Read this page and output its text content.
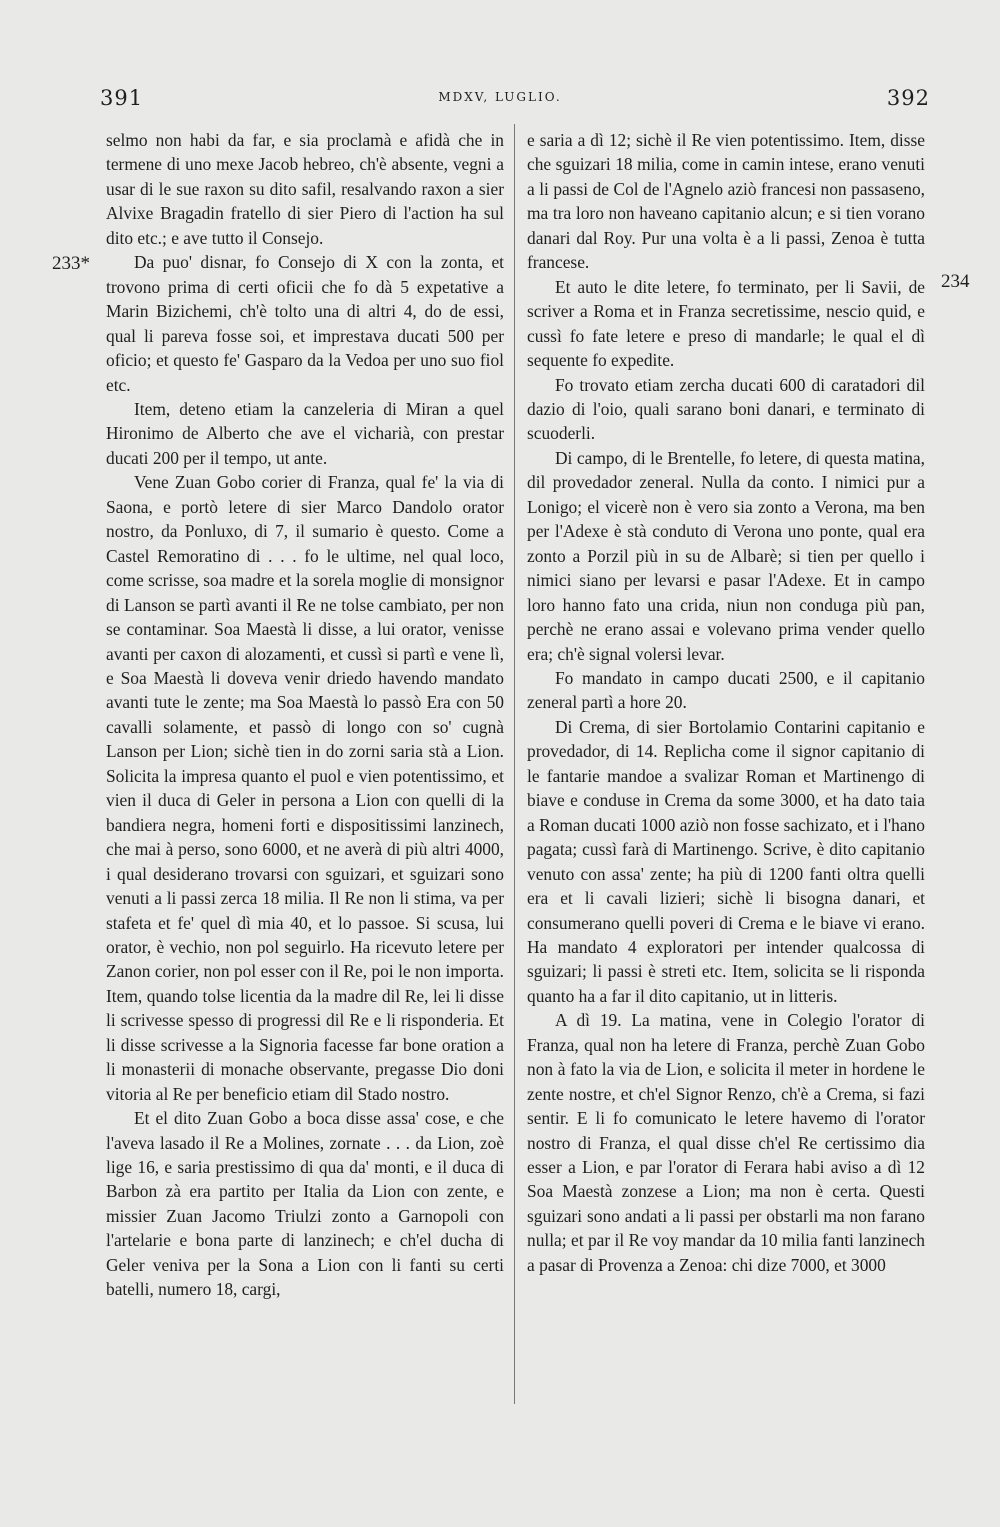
391	MDXV, LUGLIO.	392
233*
234

selmo non habi da far, e sia proclamà e afidà che in termene di uno mexe Jacob hebreo, ch'è absente, vegni a usar di le sue raxon su dito safil, resalvando raxon a sier Alvixe Bragadin fratello di sier Piero di l'action ha sul dito etc.; e ave tutto il Consejo.

Da puo' disnar, fo Consejo di X con la zonta, et trovono prima di certi oficii che fo dà 5 expetative a Marin Bizichemi, ch'è tolto una di altri 4, do de essi, qual li pareva fosse soi, et imprestava ducati 500 per oficio; et questo fe' Gasparo da la Vedoa per uno suo fiol etc.

Item, deteno etiam la canzeleria di Miran a quel Hironimo de Alberto che ave el vicharià, con prestar ducati 200 per il tempo, ut ante.

Vene Zuan Gobo corier di Franza, qual fe' la via di Saona, e portò letere di sier Marco Dandolo orator nostro, da Ponluxo, di 7, il sumario è questo. Come a Castel Remoratino di . . . fo le ultime, nel qual loco, come scrisse, soa madre et la sorela moglie di monsignor di Lanson se partì avanti il Re ne tolse cambiato, per non se contaminar. Soa Maestà li disse, a lui orator, venisse avanti per caxon di alozamenti, et cussì si partì e vene lì, e Soa Maestà li doveva venir driedo havendo mandato avanti tute le zente; ma Soa Maestà lo passò Era con 50 cavalli solamente, et passò di longo con so' cugnà Lanson per Lion; sichè tien in do zorni saria stà a Lion. Solicita la impresa quanto el puol e vien potentissimo, et vien il duca di Geler in persona a Lion con quelli di la bandiera negra, homeni forti e dispositissimi lanzinech, che mai à perso, sono 6000, et ne averà di più altri 4000, i qual desiderano trovarsi con sguizari, et sguizari sono venuti a li passi zerca 18 milia. Il Re non li stima, va per stafeta et fe' quel dì mia 40, et lo passoe. Si scusa, lui orator, è vechio, non pol seguirlo. Ha ricevuto letere per Zanon corier, non pol esser con il Re, poi le non importa. Item, quando tolse licentia da la madre dil Re, lei li disse li scrivesse spesso di progressi dil Re e li risponderia. Et li disse scrivesse a la Signoria facesse far bone oration a li monasterii di monache observante, pregasse Dio doni vitoria al Re per beneficio etiam dil Stado nostro.

Et el dito Zuan Gobo a boca disse assa' cose, e che l'aveva lasado il Re a Molines, zornate . . . da Lion, zoè lige 16, e saria prestissimo di qua da' monti, e il duca di Barbon zà era partito per Italia da Lion con zente, e missier Zuan Jacomo Triulzi zonto a Garnopoli con l'artelarie e bona parte di lanzinech; e ch'el ducha di Geler veniva per la Sona a Lion con li fanti su certi batelli, numero 18, cargi,

e saria a dì 12; sichè il Re vien potentissimo. Item, disse che sguizari 18 milia, come in camin intese, erano venuti a li passi de Col de l'Agnelo aziò francesi non passaseno, ma tra loro non haveano capitanio alcun; e si tien vorano danari dal Roy. Pur una volta è a li passi, Zenoa è tutta francese.

Et auto le dite letere, fo terminato, per li Savii, de scriver a Roma et in Franza secretissime, nescio quid, e cussì fo fate letere e preso di mandarle; le qual el dì sequente fo expedite.

Fo trovato etiam zercha ducati 600 di caratadori dil dazio di l'oio, quali sarano boni danari, e terminato di scuoderli.

Di campo, di le Brentelle, fo letere, di questa matina, dil provedador zeneral. Nulla da conto. I nimici pur a Lonigo; el vicerè non è vero sia zonto a Verona, ma ben per l'Adexe è stà conduto di Verona uno ponte, qual era zonto a Porzil più in su de Albarè; si tien per quello i nimici siano per levarsi e pasar l'Adexe. Et in campo loro hanno fato una crida, niun non conduga più pan, perchè ne erano assai e volevano prima vender quello era; ch'è signal volersi levar.

Fo mandato in campo ducati 2500, e il capitanio zeneral partì a hore 20.

Di Crema, di sier Bortolamio Contarini capitanio e provedador, di 14. Replicha come il signor capitanio di le fantarie mandoe a svalizar Roman et Martinengo di biave e conduse in Crema da some 3000, et ha dato taia a Roman ducati 1000 aziò non fosse sachizato, et i l'hano pagata; cussì farà di Martinengo. Scrive, è dito capitanio venuto con assa' zente; ha più di 1200 fanti oltra quelli era et li cavali lizieri; sichè li bisogna danari, et consumerano quelli poveri di Crema e le biave vi erano. Ha mandato 4 exploratori per intender qualcossa di sguizari; li passi è streti etc. Item, solicita se li risponda quanto ha a far il dito capitanio, ut in litteris.

A dì 19. La matina, vene in Colegio l'orator di Franza, qual non ha letere di Franza, perchè Zuan Gobo non à fato la via de Lion, e solicita il meter in hordene le zente nostre, et ch'el Signor Renzo, ch'è a Crema, si fazi sentir. E li fo comunicato le letere havemo di l'orator nostro di Franza, el qual disse ch'el Re certissimo dia esser a Lion, e par l'orator di Ferara habi aviso a dì 12 Soa Maestà zonzese a Lion; ma non è certa. Questi sguizari sono andati a li passi per obstarli ma non farano nulla; et par il Re voy mandar da 10 milia fanti lanzinech a pasar di Provenza a Zenoa: chi dize 7000, et 3000
